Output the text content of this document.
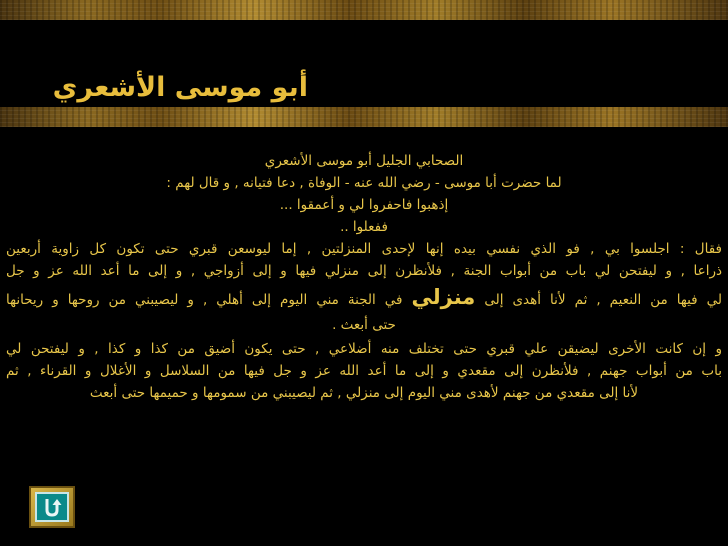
أبو موسى الأشعري
الصحابي الجليل أبو موسى الأشعري
لما حضرت أبا موسى - رضي الله عنه - الوفاة , دعا فتيانه , و قال لهم :
إذهبوا فاحفروا لي و أعمقوا ...
ففعلوا ..
فقال : اجلسوا بي , فو الذي نفسي بيده إنها لإحدى المنزلتين , إما ليوسعن قبري حتى تكون كل زاوية أربعين
ذراعا , و ليفتحن لي باب من أبواب الجنة , فلأنظرن إلى منزلي فيها و إلى أزواجي , و إلى ما أعد الله عز و جل
لي فيها من النعيم , ثم لأنا أهدى إلى منزلي في الجنة مني اليوم إلى أهلي , و ليصيبني من روحها و ريحانها
حتى أبعث .
و إن كانت الأخرى ليضيقن علي قبري حتى تختلف منه أضلاعي , حتى يكون أضيق من كذا و كذا , و ليفتحن لي
باب من أبواب جهنم , فلأنظرن إلى مقعدي و إلى ما أعد الله عز و جل فيها من السلاسل و الأغلال و القرناء , ثم
لأنا إلى مقعدي من جهنم لأهدى مني اليوم إلى منزلي , ثم ليصيبني من سمومها و حميمها حتى أبعث
